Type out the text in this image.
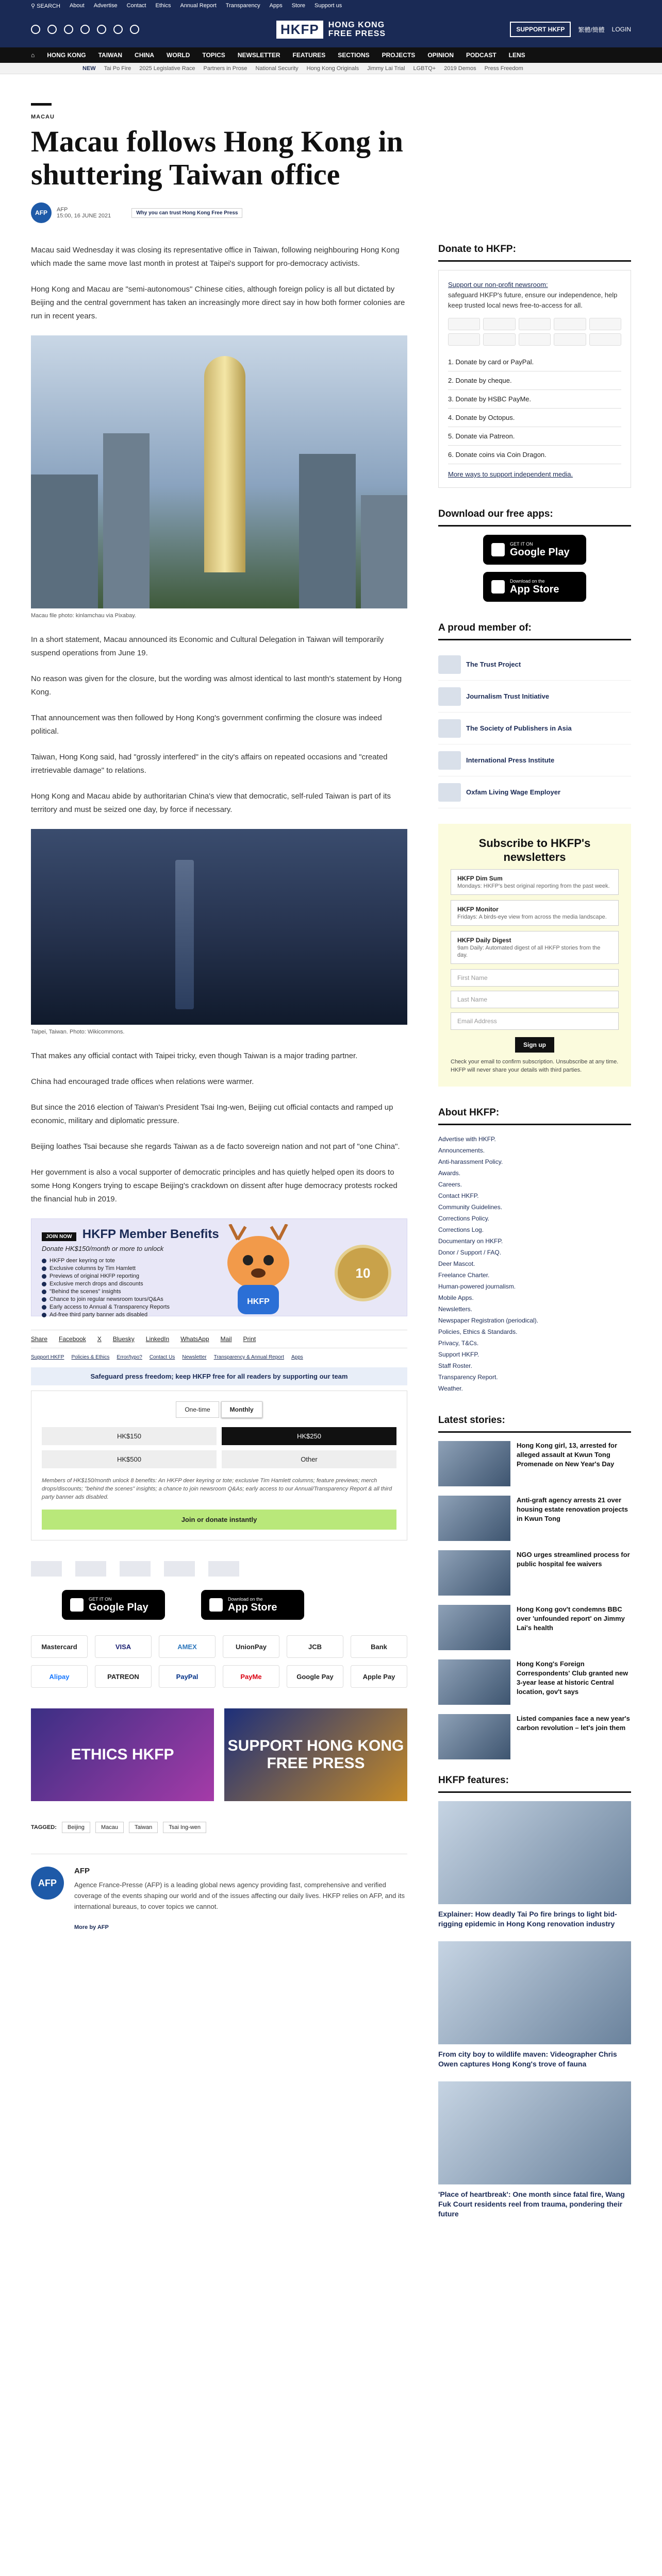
⚲ SEARCH About Advertise Contact Ethics Annual Report Transparency Apps Store Support us
HKFP	HONG KONG
FREE PRESS	SUPPORT HKFP	繁體/簡體 LOGIN
⌂ HONG KONG TAIWAN CHINA WORLD TOPICS NEWSLETTER FEATURES SECTIONS PROJECTS OPINION PODCAST LENS
NEW Tai Po Fire 2025 Legislative Race Partners in Prose National Security Hong Kong Originals Jimmy Lai Trial LGBTQ+ 2019 Demos Press Freedom
MACAU
Macau follows Hong Kong in shuttering Taiwan office
AFP	AFP
15:00, 16 JUNE 2021	Why you can trust Hong Kong Free Press

Macau said Wednesday it was closing its representative office in Taiwan, following neighbouring Hong Kong which made the same move last month in protest at Taipei's support for pro-democracy activists.

Hong Kong and Macau are "semi-autonomous" Chinese cities, although foreign policy is all but dictated by Beijing and the central government has taken an increasingly more direct say in how both former colonies are run in recent years.

Macau file photo: kinlamchau via Pixabay.

In a short statement, Macau announced its Economic and Cultural Delegation in Taiwan will temporarily suspend operations from June 19.

No reason was given for the closure, but the wording was almost identical to last month's statement by Hong Kong.

That announcement was then followed by Hong Kong's government confirming the closure was indeed political.

Taiwan, Hong Kong said, had "grossly interfered" in the city's affairs on repeated occasions and "created irretrievable damage" to relations.

Hong Kong and Macau abide by authoritarian China's view that democratic, self-ruled Taiwan is part of its territory and must be seized one day, by force if necessary.

Taipei, Taiwan. Photo: Wikicommons.

That makes any official contact with Taipei tricky, even though Taiwan is a major trading partner.

China had encouraged trade offices when relations were warmer.

But since the 2016 election of Taiwan's President Tsai Ing-wen, Beijing cut official contacts and ramped up economic, military and diplomatic pressure.

Beijing loathes Tsai because she regards Taiwan as a de facto sovereign nation and not part of "one China".

Her government is also a vocal supporter of democratic principles and has quietly helped open its doors to some Hong Kongers trying to escape Beijing's crackdown on dissent after huge democracy protests rocked the financial hub in 2019.

JOIN NOW HKFP Member Benefits
Donate HK$150/month or more to unlock
HKFP deer keyring or tote
Exclusive columns by Tim Hamlett
Previews of original HKFP reporting
Exclusive merch drops and discounts
"Behind the scenes" insights
Chance to join regular newsroom tours/Q&As
Early access to Annual & Transparency Reports
Ad-free third party banner ads disabled
HKFP
10
Share Facebook X Bluesky LinkedIn WhatsApp Mail Print
Support HKFP Policies & Ethics Error/typo? Contact Us Newsletter Transparency & Annual Report Apps
Safeguard press freedom; keep HKFP free for all readers by supporting our team
One-time	Monthly
HK$150	HK$250
HK$500	Other
Members of HK$150/month unlock 8 benefits: An HKFP deer keyring or tote; exclusive Tim Hamlett columns; feature previews; merch drops/discounts; "behind the scenes" insights; a chance to join newsroom Q&As; early access to our Annual/Transparency Report & all third party banner ads disabled.
Join or donate instantly
GET IT ON
Google Play
Download on the
App Store
Mastercard	VISA	AMEX	UnionPay	JCB	Bank
Alipay	PATREON	PayPal	PayMe	Google Pay	Apple Pay
ETHICS HKFP
SUPPORT HONG KONG FREE PRESS
TAGGED:	Beijing	Macau	Taiwan	Tsai Ing-wen
AFP
AFP

Agence France-Presse (AFP) is a leading global news agency providing fast, comprehensive and verified coverage of the events shaping our world and of the issues affecting our daily lives. HKFP relies on AFP, and its international bureaus, to cover topics we cannot.

More by AFP
Donate to HKFP:

Support our non-profit newsroom:

safeguard HKFP's future, ensure our independence, help keep trusted local news free-to-access for all.

1. Donate by card or PayPal.
2. Donate by cheque.
3. Donate by HSBC PayMe.
4. Donate by Octopus.
5. Donate via Patreon.
6. Donate coins via Coin Dragon.
More ways to support independent media.
Download our free apps:
GET IT ON
Google Play
Download on the
App Store
A proud member of:
The Trust Project
Journalism Trust Initiative
The Society of Publishers in Asia
International Press Institute
Oxfam Living Wage Employer
Subscribe to HKFP's newsletters
HKFP Dim Sum
Mondays: HKFP's best original reporting from the past week.
HKFP Monitor
Fridays: A birds-eye view from across the media landscape.
HKFP Daily Digest
9am Daily: Automated digest of all HKFP stories from the day.
First Name
Last Name
Email Address
Sign up
Check your email to confirm subscription. Unsubscribe at any time. HKFP will never share your details with third parties.
About HKFP:
Advertise with HKFP.
Announcements.
Anti-harassment Policy.
Awards.
Careers.
Contact HKFP.
Community Guidelines.
Corrections Policy.
Corrections Log.
Documentary on HKFP.
Donor / Support / FAQ.
Deer Mascot.
Freelance Charter.
Human-powered journalism.
Mobile Apps.
Newsletters.
Newspaper Registration (periodical).
Policies, Ethics & Standards.
Privacy, T&Cs.
Support HKFP.
Staff Roster.
Transparency Report.
Weather.
Latest stories:
Hong Kong girl, 13, arrested for alleged assault at Kwun Tong Promenade on New Year's Day
Anti-graft agency arrests 21 over housing estate renovation projects in Kwun Tong
NGO urges streamlined process for public hospital fee waivers
Hong Kong gov't condemns BBC over 'unfounded report' on Jimmy Lai's health
Hong Kong's Foreign Correspondents' Club granted new 3-year lease at historic Central location, gov't says
Listed companies face a new year's carbon revolution – let's join them
HKFP features:

Explainer: How deadly Tai Po fire brings to light bid-rigging epidemic in Hong Kong renovation industry

From city boy to wildlife maven: Videographer Chris Owen captures Hong Kong's trove of fauna

'Place of heartbreak': One month since fatal fire, Wang Fuk Court residents reel from trauma, pondering their future
